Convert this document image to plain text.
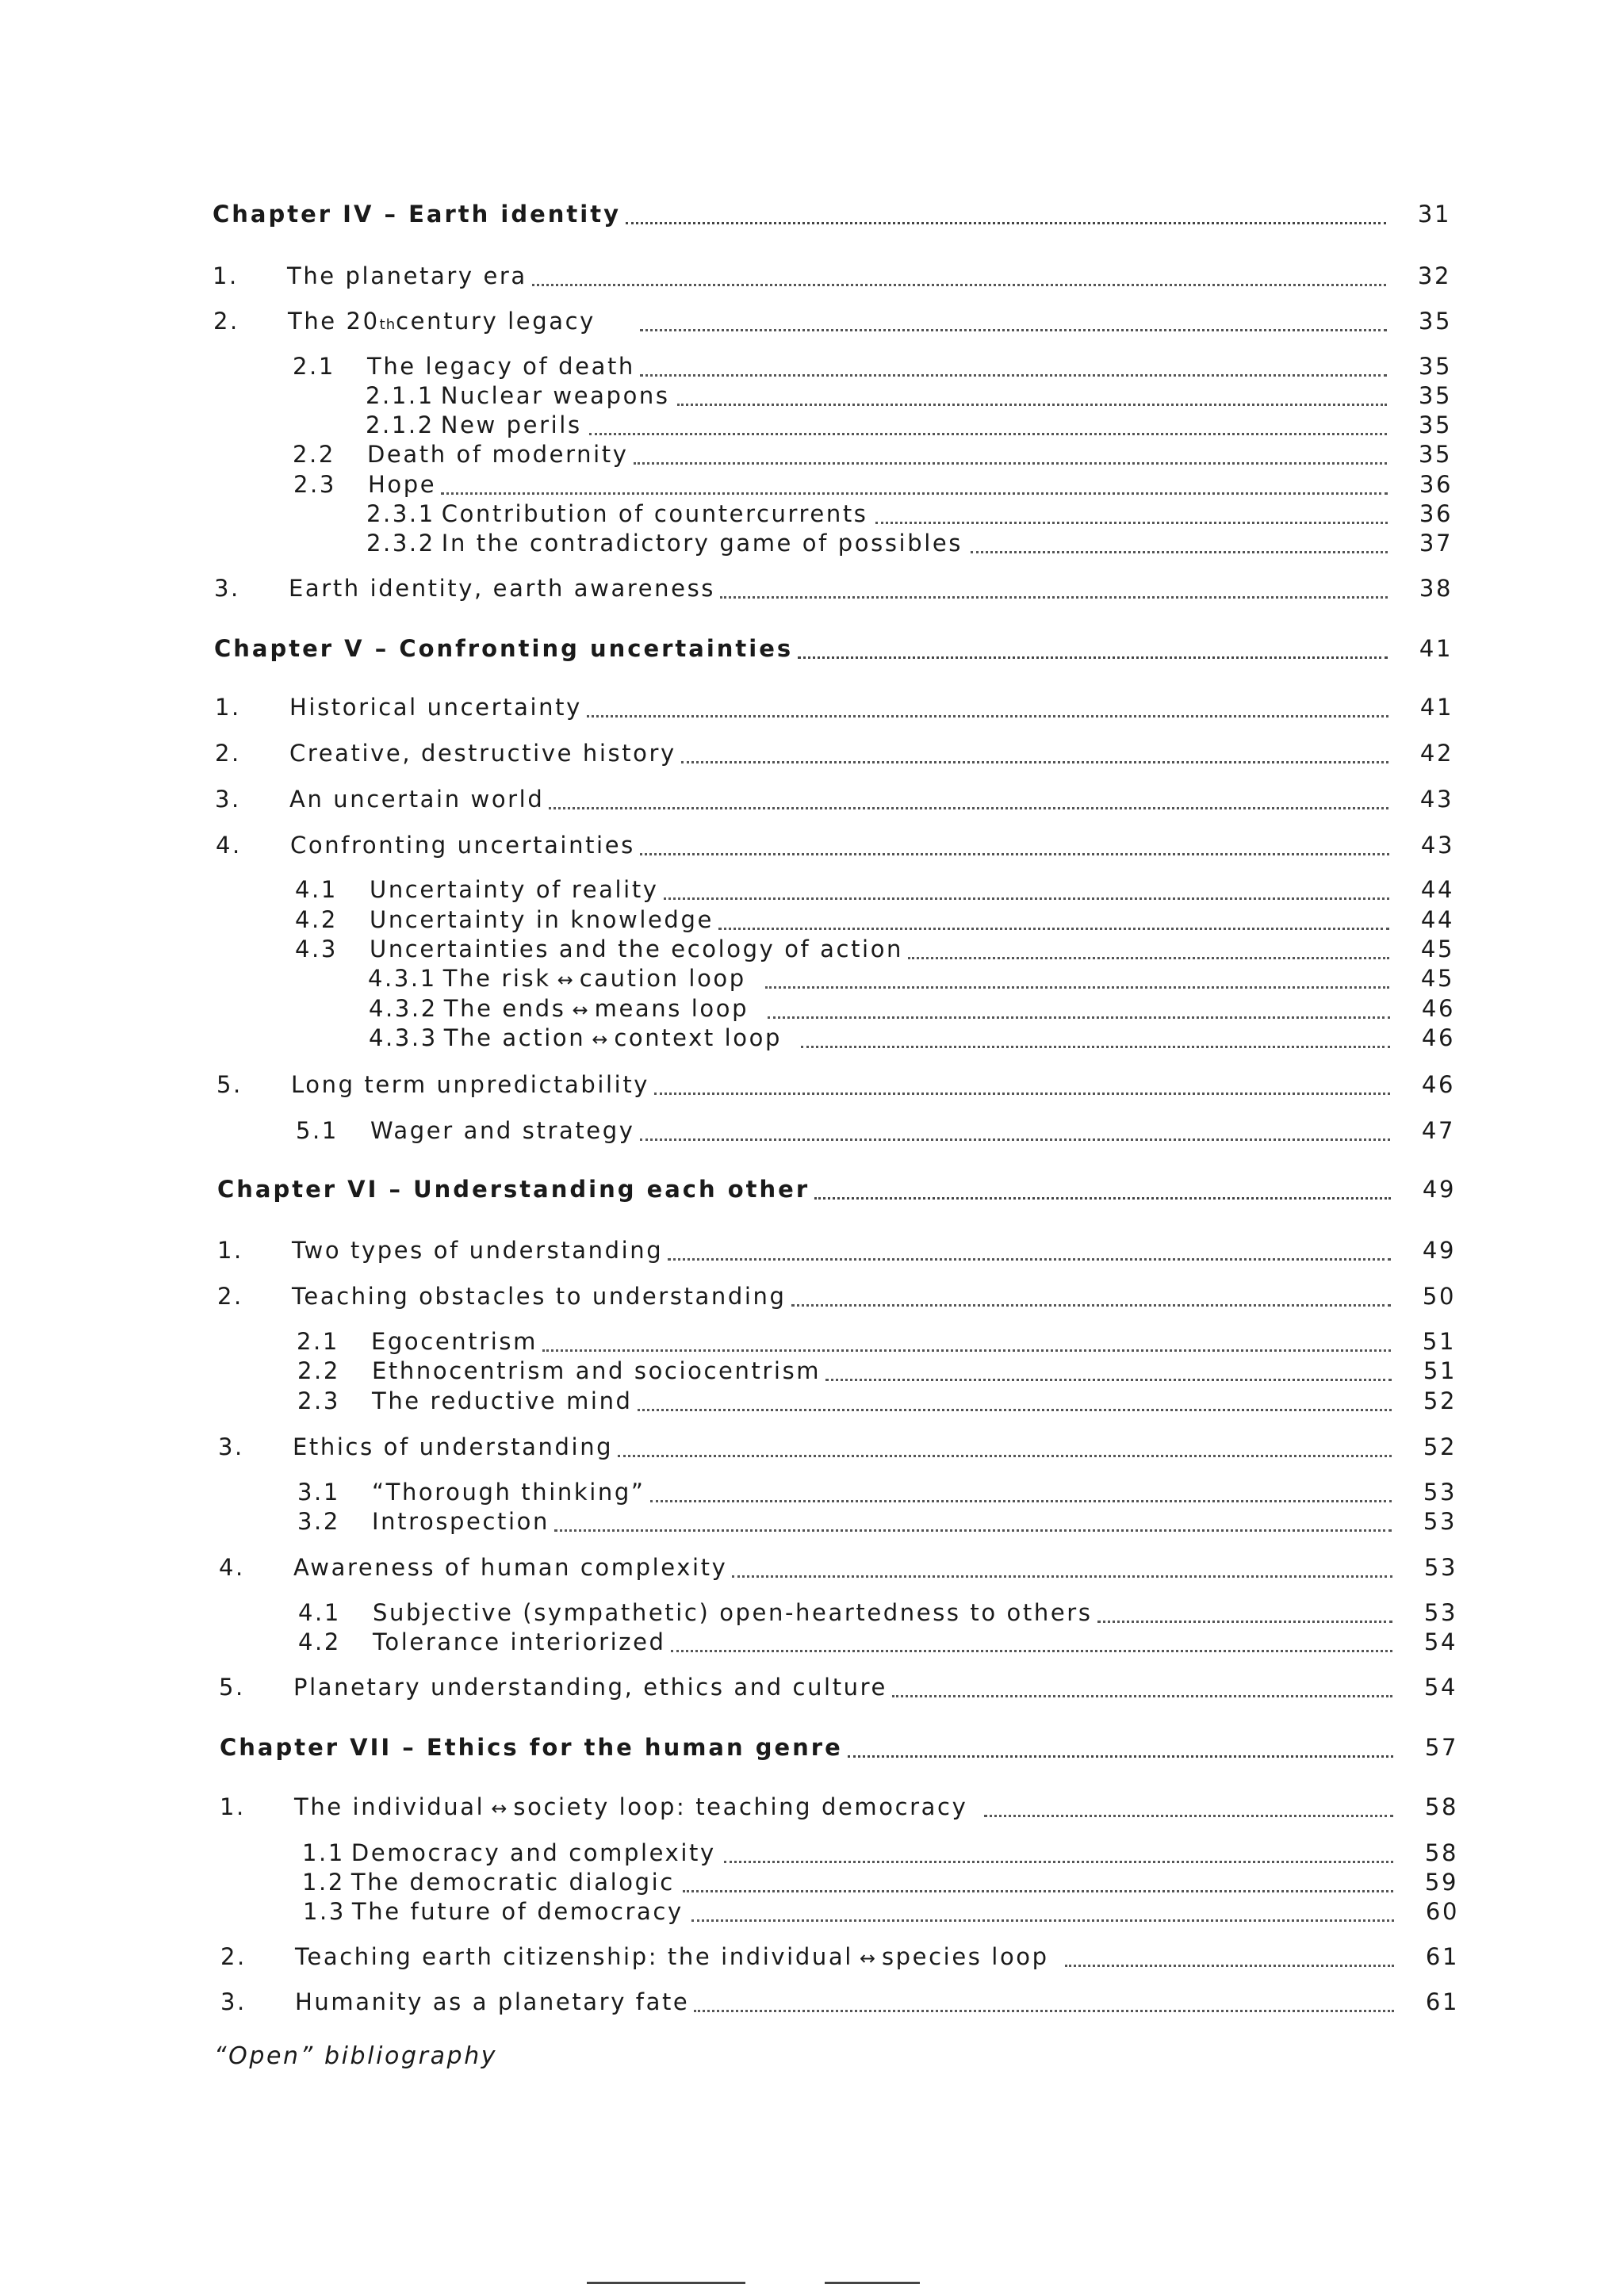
Chapter IV – Earth identity	31
1. The planetary era	32
2. The 20 th century legacy	35
2.1 The legacy of death	35
2.1.1 Nuclear weapons	35
2.1.2 New perils	35
2.2 Death of modernity	35
2.3 Hope	36
2.3.1 Contribution of countercurrents	36
2.3.2 In the contradictory game of possibles	37
3. Earth identity, earth awareness	38
Chapter V – Confronting uncertainties	41
1. Historical uncertainty	41
2. Creative, destructive history	42
3. An uncertain world	43
4. Confronting uncertainties	43
4.1 Uncertainty of reality	44
4.2 Uncertainty in knowledge	44
4.3 Uncertainties and the ecology of action	45
4.3.1 The risk ↔ caution loop	45
4.3.2 The ends ↔ means loop	46
4.3.3 The action ↔ context loop	46
5. Long term unpredictability	46
5.1 Wager and strategy	47
Chapter VI – Understanding each other	49
1. Two types of understanding	49
2. Teaching obstacles to understanding	50
2.1 Egocentrism	51
2.2 Ethnocentrism and sociocentrism	51
2.3 The reductive mind	52
3. Ethics of understanding	52
3.1 “Thorough thinking”	53
3.2 Introspection	53
4. Awareness of human complexity	53
4.1 Subjective (sympathetic) open-heartedness to others	53
4.2 Tolerance interiorized	54
5. Planetary understanding, ethics and culture	54
Chapter VII – Ethics for the human genre	57
1. The individual ↔ society loop: teaching democracy	58
1.1 Democracy and complexity	58
1.2 The democratic dialogic	59
1.3 The future of democracy	60
2. Teaching earth citizenship: the individual ↔ species loop	61
3. Humanity as a planetary fate	61
“Open” bibliography
